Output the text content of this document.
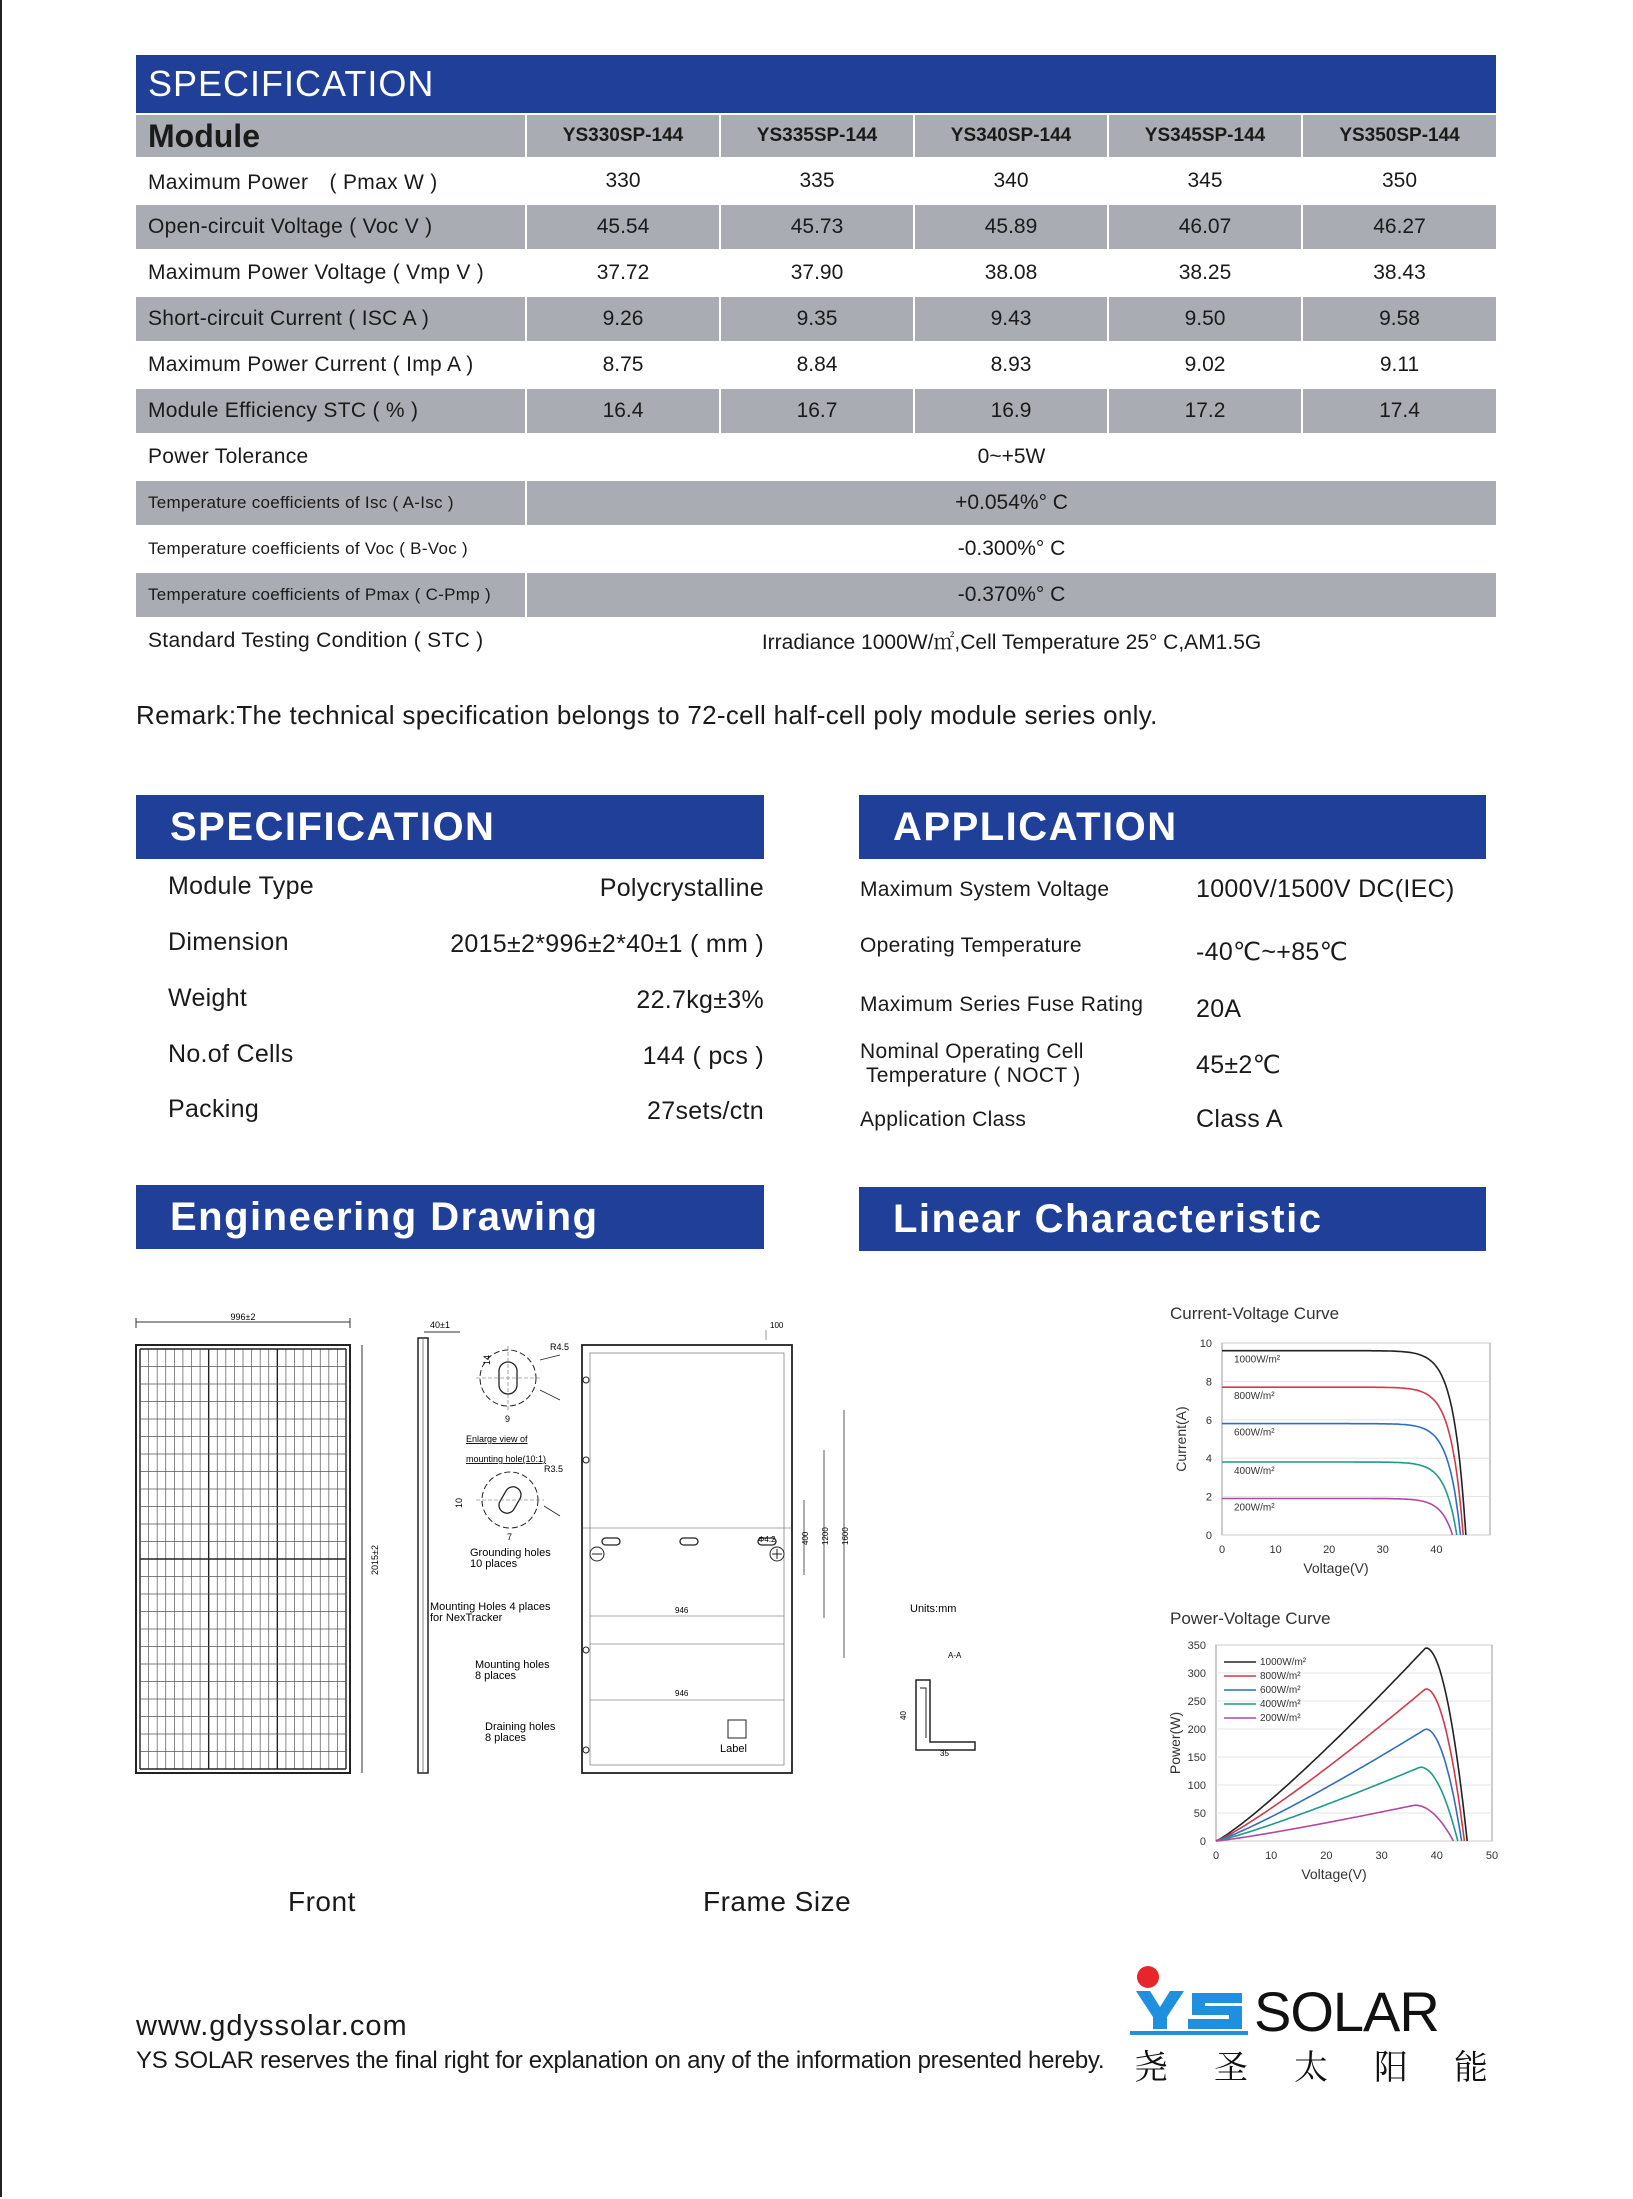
SPECIFICATION					
Module	YS330SP-144	YS335SP-144	YS340SP-144	YS345SP-144	YS350SP-144
Maximum Power　( Pmax W )	330	335	340	345	350
Open-circuit Voltage ( Voc V )	45.54	45.73	45.89	46.07	46.27
Maximum Power Voltage ( Vmp V )	37.72	37.90	38.08	38.25	38.43
Short-circuit Current ( ISC A )	9.26	9.35	9.43	9.50	9.58
Maximum Power Current ( Imp A )	8.75	8.84	8.93	9.02	9.11
Module Efficiency STC ( % )	16.4	16.7	16.9	17.2	17.4
Power Tolerance	0~+5W				
Temperature coefficients of Isc ( A-Isc )	+0.054%° C				
Temperature coefficients of Voc ( B-Voc )	-0.300%° C				
Temperature coefficients of Pmax ( C-Pmp )	-0.370%° C				
Standard Testing Condition ( STC )	Irradiance 1000W/㎡,Cell Temperature 25° C,AM1.5G				
Remark:The technical specification belongs to 72-cell half-cell poly module series only.
SPECIFICATION	APPLICATION
Module Type	Polycrystalline
Dimension	2015±2*996±2*40±1 ( mm )
Weight	22.7kg±3%
No.of Cells	144 ( pcs )
Packing	27sets/ctn
Maximum System Voltage	1000V/1500V DC(IEC)
Operating Temperature	-40℃~+85℃
Maximum Series Fuse Rating 20A
Nominal Operating Cell
Temperature ( NOCT )	45±2℃
Application Class	Class A
Engineering Drawing	Linear Characteristic
996±2
2015±2
40±1
14
R4.5
9
Enlarge view of
mounting hole(10:1)
R3.5
10
7
Grounding holes
10 places
Mounting Holes 4 places
for NexTracker
Mounting holes
8 places
Draining holes
8 places
Label
946
946
100
Φ4.2	400 1200 1600
Units:mm
A-A
40
35
Front	Frame Size
Current-Voltage Curve
0
2
4
6
8
10
0	10	20	30	40
Voltage(V)
Current(A)
1000W/m²
800W/m²
600W/m²
400W/m²
200W/m²
Power-Voltage Curve
0
50
100
150
200
250
300
350
0	10	20	30	40	50
Voltage(V)
Power(W)
1000W/m²
800W/m²
600W/m²
400W/m²
200W/m²
www.gdyssolar.com
YS SOLAR reserves the final right for explanation on any of the information presented hereby.
SOLAR
尧 圣 太 阳 能
